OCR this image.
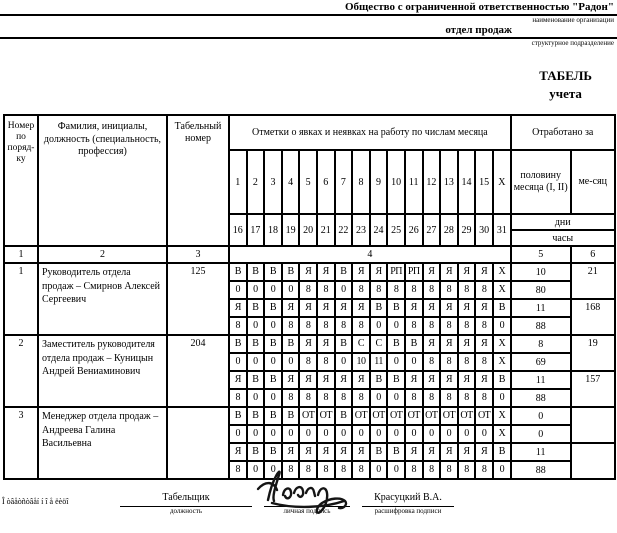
Общество с ограниченной ответственностью "Радон"
наименование организации
отдел продаж
структурное подразделение
ТАБЕЛЬ
учета
Номер по поряд-ку	Фамилия, инициалы, должность (специальность, профессия)	Табельный номер	Отметки о явках и неявках на работу по числам месяца																Отработано за	
			1	2	3	4	5	6	7	8	9	10	11	12	13	14	15	Х	половину месяца (I, II)	ме-сяц
			16	17	18	19	20	21	22	23	24	25	26	27	28	29	30	31	дни	
																			часы	
1	2	3	4																5	6
1	Руководитель отдела продаж – Смирнов Алексей Сергеевич	125	В	В	В	В	Я	Я	В	Я	Я	РП	РП	Я	Я	Я	Я	Х	10	21
			0	0	0	0	8	8	0	8	8	8	8	8	8	8	8	Х	80	
			Я	В	В	Я	Я	Я	Я	Я	В	В	Я	Я	Я	Я	Я	В	11	168
			8	0	0	8	8	8	8	8	0	0	8	8	8	8	8	0	88	
2	Заместитель руководителя отдела продаж – Куницын Андрей Вениаминович	204	В	В	В	В	Я	Я	В	С	С	В	В	Я	Я	Я	Я	Х	8	19
			0	0	0	0	8	8	0	10	11	0	0	8	8	8	8	Х	69	
			Я	В	В	Я	Я	Я	Я	Я	В	В	Я	Я	Я	Я	Я	В	11	157
			8	0	0	8	8	8	8	8	0	0	8	8	8	8	8	0	88	
3	Менеджер отдела продаж – Андреева Галина Васильевна		В	В	В	В	ОТ	ОТ	В	ОТ	ОТ	ОТ	ОТ	ОТ	ОТ	ОТ	ОТ	Х	0	
			0	0	0	0	0	0	0	0	0	0	0	0	0	0	0	Х	0	
			Я	В	В	Я	Я	Я	Я	Я	В	В	Я	Я	Я	Я	Я	В	11	
			8	0	0	8	8	8	8	8	0	0	8	8	8	8	8	0	88	
Î òâåòñòâåí í î å ëèöî	Табельщик
должность
	личная подпись
Красуцкий В.А.
расшифровка подписи
